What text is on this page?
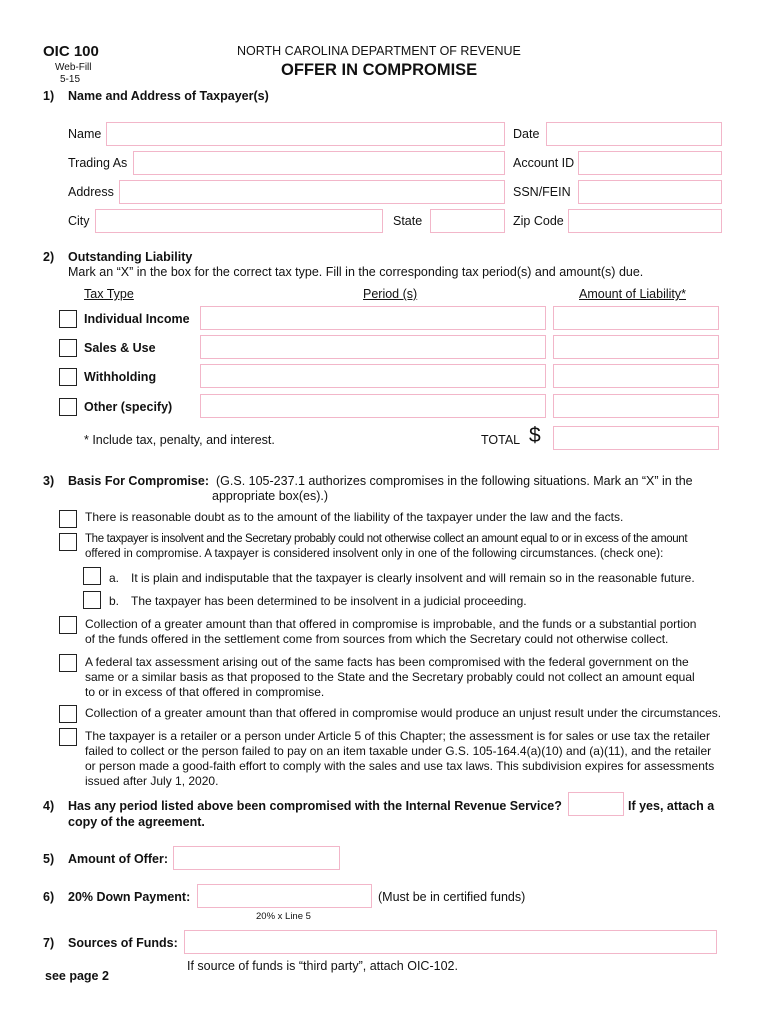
OIC 100
Web-Fill
5-15
NORTH CAROLINA DEPARTMENT OF REVENUE
OFFER IN COMPROMISE
1) Name and Address of Taxpayer(s)
Name	Date
Trading As	Account ID
Address	SSN/FEIN
City	State	Zip Code
2) Outstanding Liability
Mark an “X” in the box for the correct tax type. Fill in the corresponding tax period(s) and amount(s) due.
Tax Type	Period (s)	Amount of Liability*
Individual Income
Sales & Use
Withholding
Other (specify)
* Include tax, penalty, and interest.	TOTAL $
3) Basis For Compromise: (G.S. 105-237.1 authorizes compromises in the following situations. Mark an “X” in the
appropriate box(es).)
There is reasonable doubt as to the amount of the liability of the taxpayer under the law and the facts.
The taxpayer is insolvent and the Secretary probably could not otherwise collect an amount equal to or in excess of the amount
offered in compromise. A taxpayer is considered insolvent only in one of the following circumstances. (check one):
a. It is plain and indisputable that the taxpayer is clearly insolvent and will remain so in the reasonable future.
b. The taxpayer has been determined to be insolvent in a judicial proceeding.
Collection of a greater amount than that offered in compromise is improbable, and the funds or a substantial portion
of the funds offered in the settlement come from sources from which the Secretary could not otherwise collect.
A federal tax assessment arising out of the same facts has been compromised with the federal government on the
same or a similar basis as that proposed to the State and the Secretary probably could not collect an amount equal
to or in excess of that offered in compromise.
Collection of a greater amount than that offered in compromise would produce an unjust result under the circumstances.
The taxpayer is a retailer or a person under Article 5 of this Chapter; the assessment is for sales or use tax the retailer
failed to collect or the person failed to pay on an item taxable under G.S. 105-164.4(a)(10) and (a)(11), and the retailer
or person made a good-faith effort to comply with the sales and use tax laws. This subdivision expires for assessments
issued after July 1, 2020.
4) Has any period listed above been compromised with the Internal Revenue Service?	If yes, attach a
copy of the agreement.
5) Amount of Offer:
6) 20% Down Payment:	(Must be in certified funds)
20% x Line 5
7) Sources of Funds:
If source of funds is “third party”, attach OIC-102.
see page 2
